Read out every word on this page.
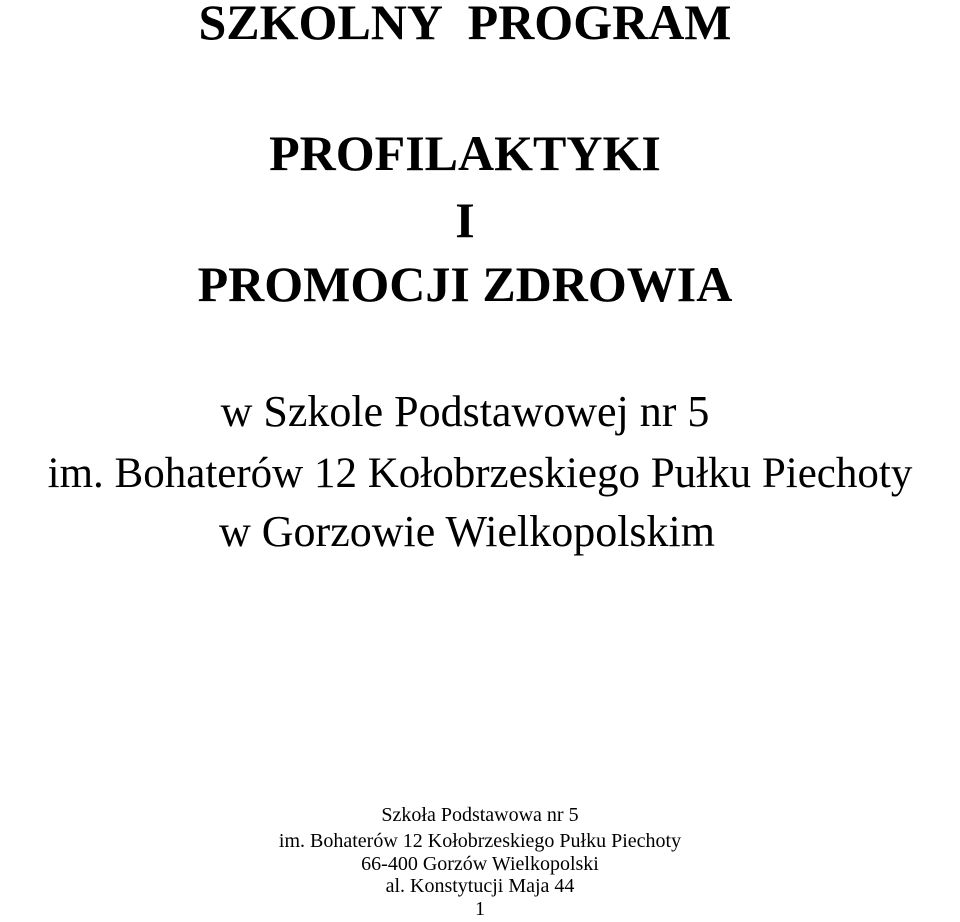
SZKOLNY PROGRAM
PROFILAKTYKI
I
PROMOCJI ZDROWIA
w Szkole Podstawowej nr 5
im. Bohaterów 12 Kołobrzeskiego Pułku Piechoty
w Gorzowie Wielkopolskim
Szkoła Podstawowa nr 5
im. Bohaterów 12 Kołobrzeskiego Pułku Piechoty
66-400 Gorzów Wielkopolski
al. Konstytucji Maja 44
1
